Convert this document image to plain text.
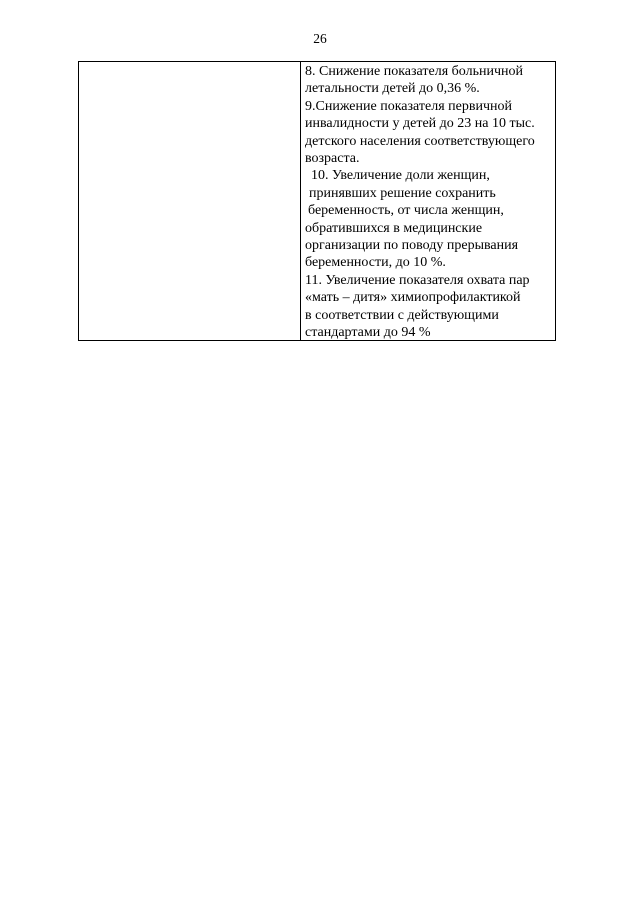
26
8. Снижение показателя больничной
летальности детей до 0,36 %.
9.Снижение показателя первичной
инвалидности у детей до 23 на 10 тыс.
детского населения соответствующего
возраста.
10. Увеличение доли женщин,
принявших решение сохранить
беременность, от числа женщин,
обратившихся в медицинские
организации по поводу прерывания
беременности, до 10 %.
11. Увеличение показателя охвата пар
«мать – дитя» химиопрофилактикой
в соответствии с действующими
стандартами до 94 %
